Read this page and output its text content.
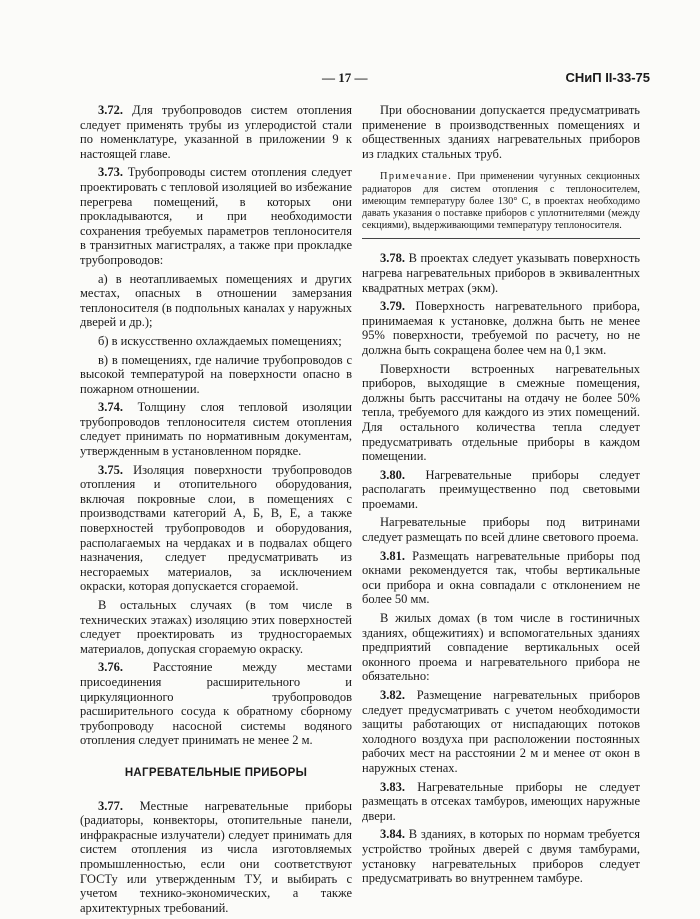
— 17 —	СНиП II-33-75

3.72. Для трубопроводов систем отопления следует применять трубы из углеродистой стали по номенклатуре, указанной в приложении 9 к настоящей главе.

3.73. Трубопроводы систем отопления следует проектировать с тепловой изоляцией во избежание перегрева помещений, в которых они прокладываются, и при необходимости сохранения требуемых параметров теплоносителя в транзитных магистралях, а также при прокладке трубопроводов:

а) в неотапливаемых помещениях и других местах, опасных в отношении замерзания теплоносителя (в подпольных каналах у наружных дверей и др.);

б) в искусственно охлаждаемых помещениях;

в) в помещениях, где наличие трубопроводов с высокой температурой на поверхности опасно в пожарном отношении.

3.74. Толщину слоя тепловой изоляции трубопроводов теплоносителя систем отопления следует принимать по нормативным документам, утвержденным в установленном порядке.

3.75. Изоляция поверхности трубопроводов отопления и отопительного оборудования, включая покровные слои, в помещениях с производствами категорий А, Б, В, Е, а также поверхностей трубопроводов и оборудования, располагаемых на чердаках и в подвалах общего назначения, следует предусматривать из несгораемых материалов, за исключением окраски, которая допускается сгораемой.

В остальных случаях (в том числе в технических этажах) изоляцию этих поверхностей следует проектировать из трудносгораемых материалов, допуская сгораемую окраску.

3.76. Расстояние между местами присоединения расширительного и циркуляционного трубопроводов расширительного сосуда к обратному сборному трубопроводу насосной системы водяного отопления следует принимать не менее 2 м.

НАГРЕВАТЕЛЬНЫЕ ПРИБОРЫ

3.77. Местные нагревательные приборы (радиаторы, конвекторы, отопительные панели, инфракрасные излучатели) следует принимать для систем отопления из числа изготовляемых промышленностью, если они соответствуют ГОСТу или утвержденным ТУ, и выбирать с учетом технико-экономических, а также архитектурных требований.

При обосновании допускается предусматривать применение в производственных помещениях и общественных зданиях нагревательных приборов из гладких стальных труб.

Примечание. При применении чугунных секционных радиаторов для систем отопления с теплоносителем, имеющим температуру более 130° С, в проектах необходимо давать указания о поставке приборов с уплотнителями (между секциями), выдерживающими температуру теплоносителя.

3.78. В проектах следует указывать поверхность нагрева нагревательных приборов в эквивалентных квадратных метрах (экм).

3.79. Поверхность нагревательного прибора, принимаемая к установке, должна быть не менее 95% поверхности, требуемой по расчету, но не должна быть сокращена более чем на 0,1 экм.

Поверхности встроенных нагревательных приборов, выходящие в смежные помещения, должны быть рассчитаны на отдачу не более 50% тепла, требуемого для каждого из этих помещений. Для остального количества тепла следует предусматривать отдельные приборы в каждом помещении.

3.80. Нагревательные приборы следует располагать преимущественно под световыми проемами.

Нагревательные приборы под витринами следует размещать по всей длине светового проема.

3.81. Размещать нагревательные приборы под окнами рекомендуется так, чтобы вертикальные оси прибора и окна совпадали с отклонением не более 50 мм.

В жилых домах (в том числе в гостиничных зданиях, общежитиях) и вспомогательных зданиях предприятий совпадение вертикальных осей оконного проема и нагревательного прибора не обязательно:

3.82. Размещение нагревательных приборов следует предусматривать с учетом необходимости защиты работающих от ниспадающих потоков холодного воздуха при расположении постоянных рабочих мест на расстоянии 2 м и менее от окон в наружных стенах.

3.83. Нагревательные приборы не следует размещать в отсеках тамбуров, имеющих наружные двери.

3.84. В зданиях, в которых по нормам требуется устройство тройных дверей с двумя тамбурами, установку нагревательных приборов следует предусматривать во внутреннем тамбуре.
